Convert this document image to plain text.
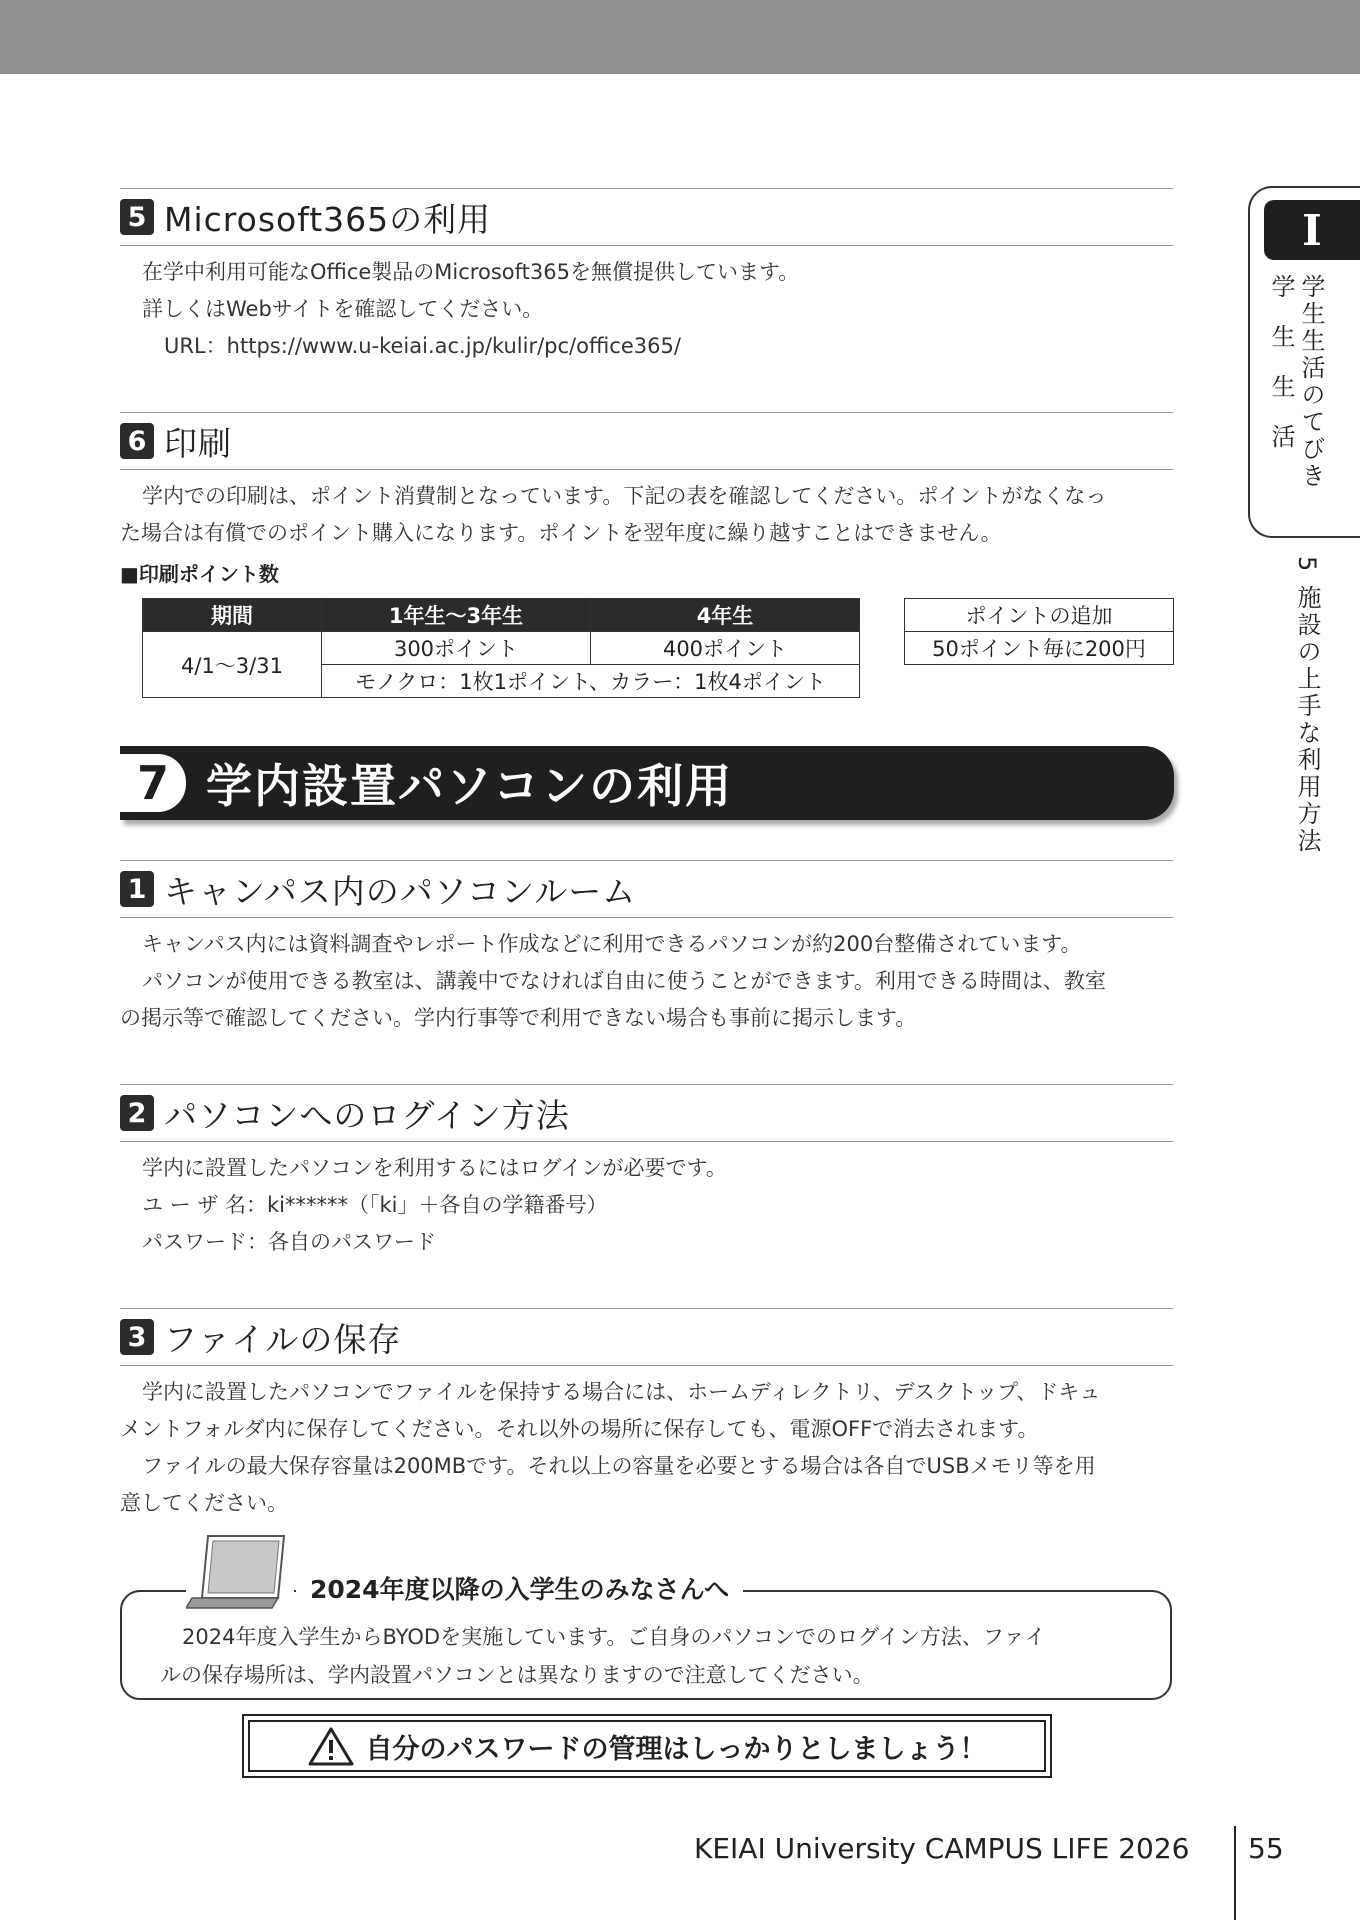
5 Microsoft365の利用

在学中利用可能なOffice製品のMicrosoft365を無償提供しています。

詳しくはWebサイトを確認してください。

URL：https://www.u-keiai.ac.jp/kulir/pc/office365/

6 印刷

学内での印刷は、ポイント消費制となっています。下記の表を確認してください。ポイントがなくなっ

た場合は有償でのポイント購入になります。ポイントを翌年度に繰り越すことはできません。

■印刷ポイント数
期間	1年生～3年生	4年生
4/1～3/31	300ポイント	400ポイント
	モノクロ：1枚1ポイント、カラー：1枚4ポイント	
ポイントの追加
50ポイント毎に200円
7 学内設置パソコンの利用
1 キャンパス内のパソコンルーム

キャンパス内には資料調査やレポート作成などに利用できるパソコンが約200台整備されています。

パソコンが使用できる教室は、講義中でなければ自由に使うことができます。利用できる時間は、教室

の掲示等で確認してください。学内行事等で利用できない場合も事前に掲示します。

2 パソコンへのログイン方法

学内に設置したパソコンを利用するにはログインが必要です。

ユ ー ザ 名：ki******（「ki」＋各自の学籍番号）

パスワード：各自のパスワード

3 ファイルの保存

学内に設置したパソコンでファイルを保持する場合には、ホームディレクトリ、デスクトップ、ドキュ

メントフォルダ内に保存してください。それ以外の場所に保存しても、電源OFFで消去されます。

ファイルの最大保存容量は200MBです。それ以上の容量を必要とする場合は各自でUSBメモリ等を用

意してください。

2024年度以降の入学生のみなさんへ

2024年度入学生からBYODを実施しています。ご自身のパソコンでのログイン方法、ファイ

ルの保存場所は、学内設置パソコンとは異なりますので注意してください。

自分のパスワードの管理はしっかりとしましょう！
I
学生生活のてびき
学生生活
5 施設の上手な利用方法
KEIAI University CAMPUS LIFE 2026 55
